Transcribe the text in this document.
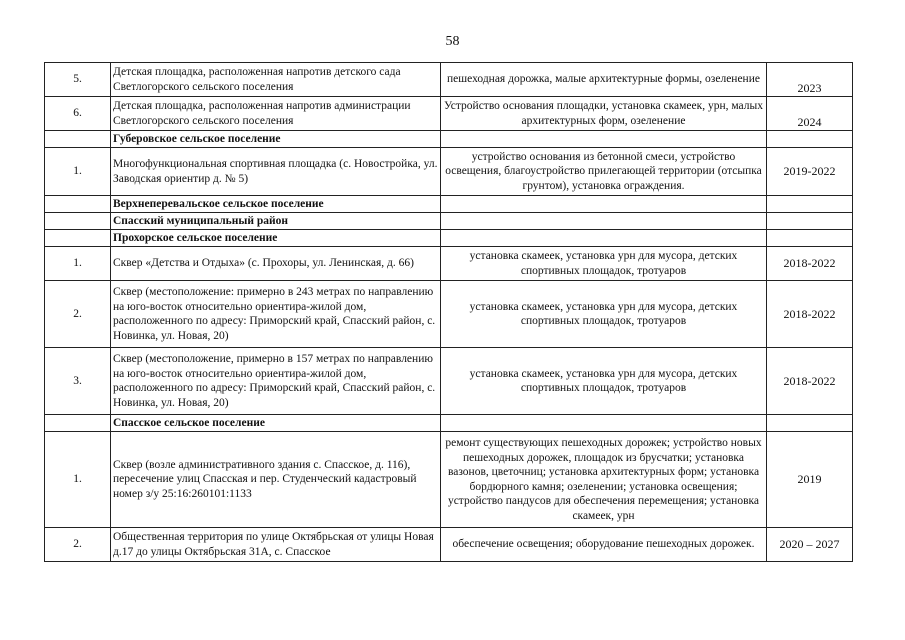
58
5.	Детская площадка, расположенная напротив детского сада Светлогорского сельского поселения	пешеходная дорожка, малые архитектурные формы, озеленение	2023
6.	Детская площадка, расположенная напротив администрации Светлогорского сельского поселения	Устройство основания площадки, установка скамеек, урн, малых архитектурных форм, озеленение	2024
	Губеровское сельское поселение		
1.	Многофункциональная спортивная площадка (с. Новостройка, ул. Заводская ориентир д. № 5)	устройство основания из бетонной смеси, устройство освещения, благоустройство прилегающей территории (отсыпка грунтом), установка ограждения.	2019-2022
	Верхнеперевальское сельское поселение		
	Спасский муниципальный район		
	Прохорское сельское поселение		
1.	Сквер «Детства и Отдыха» (с. Прохоры, ул. Ленинская, д. 66)	установка скамеек, установка урн для мусора, детских спортивных площадок, тротуаров	2018-2022
2.	Сквер (местоположение: примерно в 243 метрах по направлению на юго-восток относительно ориентира-жилой дом, расположенного по адресу: Приморский край, Спасский район, с. Новинка, ул. Новая, 20)	установка скамеек, установка урн для мусора, детских спортивных площадок, тротуаров	2018-2022
3.	Сквер (местоположение, примерно в 157 метрах по направлению на юго-восток относительно ориентира-жилой дом, расположенного по адресу: Приморский край, Спасский район, с. Новинка, ул. Новая, 20)	установка скамеек, установка урн для мусора, детских спортивных площадок, тротуаров	2018-2022
	Спасское сельское поселение		
1.	Сквер (возле административного здания с. Спасское, д. 116), пересечение улиц Спасская и пер. Студенческий кадастровый номер з/у 25:16:260101:1133	ремонт существующих пешеходных дорожек; устройство новых пешеходных дорожек, площадок из брусчатки; установка вазонов, цветочниц; установка архитектурных форм; установка бордюрного камня; озеленении; установка освещения; устройство пандусов для обеспечения перемещения; установка скамеек, урн	2019
2.	Общественная территория по улице Октябрьская от улицы Новая д.17 до улицы Октябрьская 31А, с. Спасское	обеспечение освещения; оборудование пешеходных дорожек.	2020 – 2027
